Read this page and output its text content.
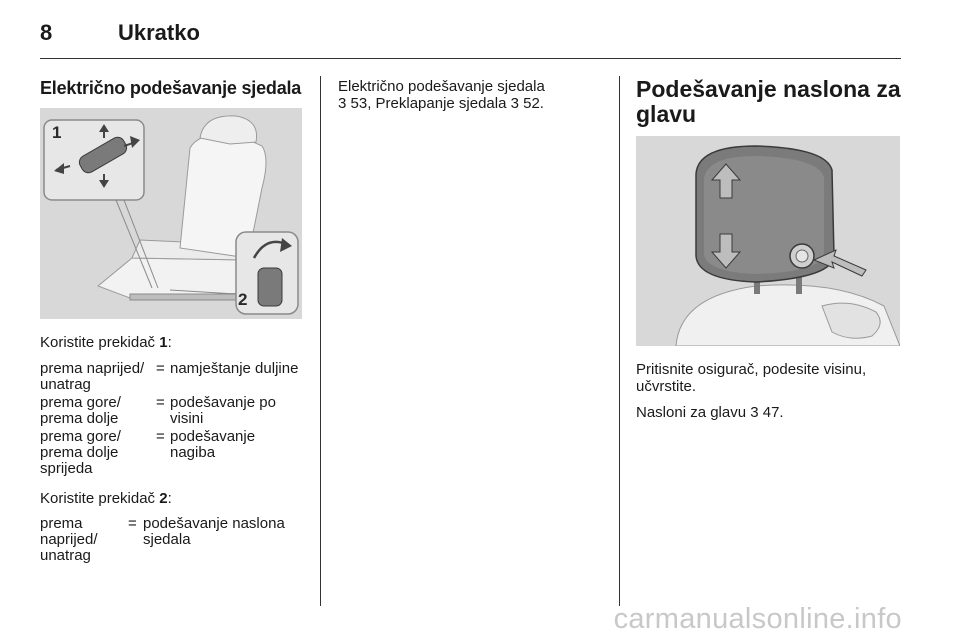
8	Ukratko
Električno podešavanje sjedala
1
2
Koristite prekidač 1:
prema naprijed/ unatrag
= namještanje duljine
prema gore/ prema dolje
= podešavanje po visini
prema gore/ prema dolje sprijeda
= podešavanje nagiba
Koristite prekidač 2:
prema naprijed/ unatrag
= podešavanje naslona sjedala
Električno podešavanje sjedala
3 53, Preklapanje sjedala 3 52.
Podešavanje naslona za glavu
Pritisnite osigurač, podesite visinu, učvrstite.
Nasloni za glavu 3 47.
carmanualsonline.info
